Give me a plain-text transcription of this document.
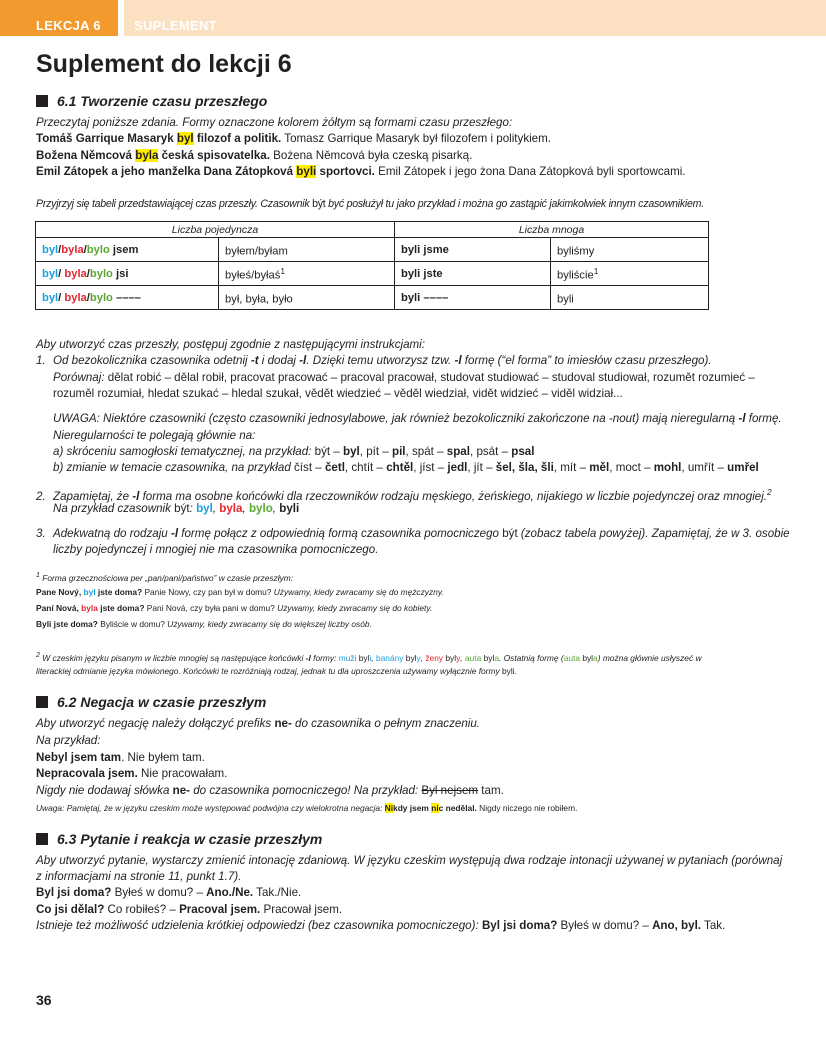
LEKCJA 6	SUPLEMENT
Suplement do lekcji 6
6.1 Tworzenie czasu przeszłego
Przeczytaj poniższe zdania. Formy oznaczone kolorem żółtym są formami czasu przeszłego:
Tomáš Garrique Masaryk byl filozof a politik. Tomasz Garrique Masaryk był filozofem i politykiem.
Božena Němcová byla česká spisovatelka. Bożena Němcová była czeską pisarką.
Emil Zátopek a jeho manželka Dana Zátopková byli sportovci. Emil Zátopek i jego żona Dana Zátopková byli sportowcami.
Przyjrzyj się tabeli przedstawiającej czas przeszły. Czasownik být być posłużył tu jako przykład i można go zastąpić jakimkolwiek innym czasownikiem.
Liczba pojedyncza		Liczba mnoga	
byl/byla/bylo jsem	byłem/byłam	byli jsme	byliśmy
byl/ byla/bylo jsi	byłeś/byłaś$^1$	byli jste	byliście$^1$
byl/ byla/bylo ––––	był, była, było	byli ––––	byli
Aby utworzyć czas przeszły, postępuj zgodnie z następującymi instrukcjami:
1. Od bezokolicznika czasownika odetnij -t i dodaj -l. Dzięki temu utworzysz tzw. -l formę (“el forma” to imiesłów czasu przeszłego).
Porównaj: dělat robić – dělal robił, pracovat pracować – pracoval pracował, studovat studiować – studoval studiował, rozumět rozumieć –
rozuměl rozumiał, hledat szukać – hledal szukał, vědět wiedzieć – věděl wiedział, vidět widzieć – viděl widział...
UWAGA: Niektóre czasowniki (często czasowniki jednosylabowe, jak również bezokoliczniki zakończone na -nout) mają nieregularną -l formę.
Nieregularności te polegają głównie na:
a) skróceniu samogłoski tematycznej, na przykład: být – byl, pít – pil, spát – spal, psát – psal
b) zmianie w temacie czasownika, na przykład číst – četl, chtít – chtěl, jíst – jedl, jít – šel, šla, šli, mít – měl, moct – mohl, umřít – umřel
2. Zapamiętaj, że -l forma ma osobne końcówki dla rzeczowników rodzaju męskiego, żeńskiego, nijakiego w liczbie pojedynczej oraz mnogiej.$^2$
Na przykład czasownik být: byl, byla, bylo, byli
3. Adekwatną do rodzaju -l formę połącz z odpowiednią formą czasownika pomocniczego být (zobacz tabela powyżej). Zapamiętaj, że w 3. osobie
liczby pojedynczej i mnogiej nie ma czasownika pomocniczego.
$^1$ Forma grzecznościowa per „pan/pani/państwo” w czasie przeszłym:
Pane Nový, byl jste doma? Panie Nowy, czy pan był w domu? Używamy, kiedy zwracamy się do mężczyzny.
Paní Nová, byla jste doma? Pani Nová, czy była pani w domu? Używamy, kiedy zwracamy się do kobiety.
Byli jste doma? Byliście w domu? Używamy, kiedy zwracamy się do większej liczby osób.
$^2$ W czeskim języku pisanym w liczbie mnogiej są następujące końcówki -l formy: muži byli, banány byly, ženy byly, auta byla. Ostatnią formę (auta byla) można głównie usłyszeć w
literackiej odmianie języka mówionego. Końcówki te rozróżniają rodzaj, jednak tu dla uproszczenia używamy wyłącznie formy byli.
6.2 Negacja w czasie przeszłym
Aby utworzyć negację należy dołączyć prefiks ne- do czasownika o pełnym znaczeniu.
Na przykład:
Nebyl jsem tam. Nie byłem tam.
Nepracovala jsem. Nie pracowałam.
Nigdy nie dodawaj słówka ne- do czasownika pomocniczego! Na przykład: Byl nejsem tam.
Uwaga: Pamiętaj, że w języku czeskim może występować podwójna czy wielokrotna negacja: Nikdy jsem nic nedělal. Nigdy niczego nie robiłem.
6.3 Pytanie i reakcja w czasie przeszłym
Aby utworzyć pytanie, wystarczy zmienić intonację zdaniową. W języku czeskim występują dwa rodzaje intonacji używanej w pytaniach (porównaj
z informacjami na stronie 11, punkt 1.7).
Byl jsi doma? Byłeś w domu? – Ano./Ne. Tak./Nie.
Co jsi dělal? Co robiłeś? – Pracoval jsem. Pracował jsem.
Istnieje też możliwość udzielenia krótkiej odpowiedzi (bez czasownika pomocniczego): Byl jsi doma? Byłeś w domu? – Ano, byl. Tak.
36
